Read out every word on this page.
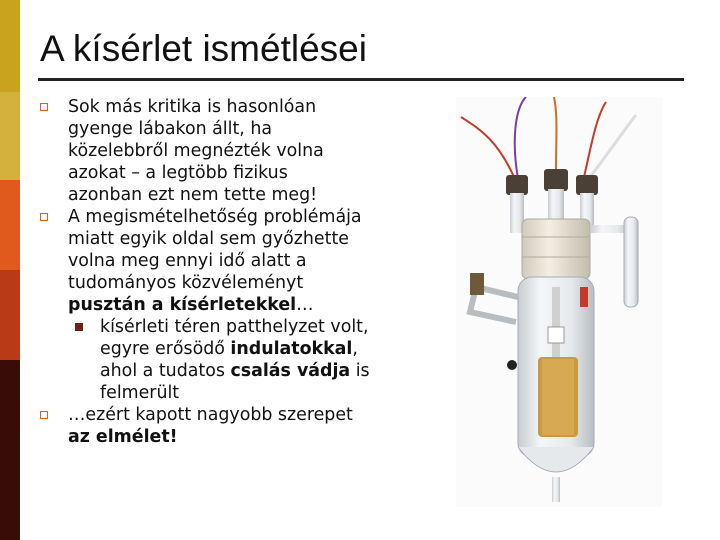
A kísérlet ismétlései
Sok más kritika is hasonlóan
gyenge lábakon állt, ha
közelebbről megnézték volna
azokat – a legtöbb fizikus
azonban ezt nem tette meg!
A megismételhetőség problémája
miatt egyik oldal sem győzhette
volna meg ennyi idő alatt a
tudományos közvéleményt
pusztán a kísérletekkel…
kísérleti téren patthelyzet volt,
egyre erősödő indulatokkal,
ahol a tudatos csalás vádja is
felmerült
…ezért kapott nagyobb szerepet
az elmélet!
